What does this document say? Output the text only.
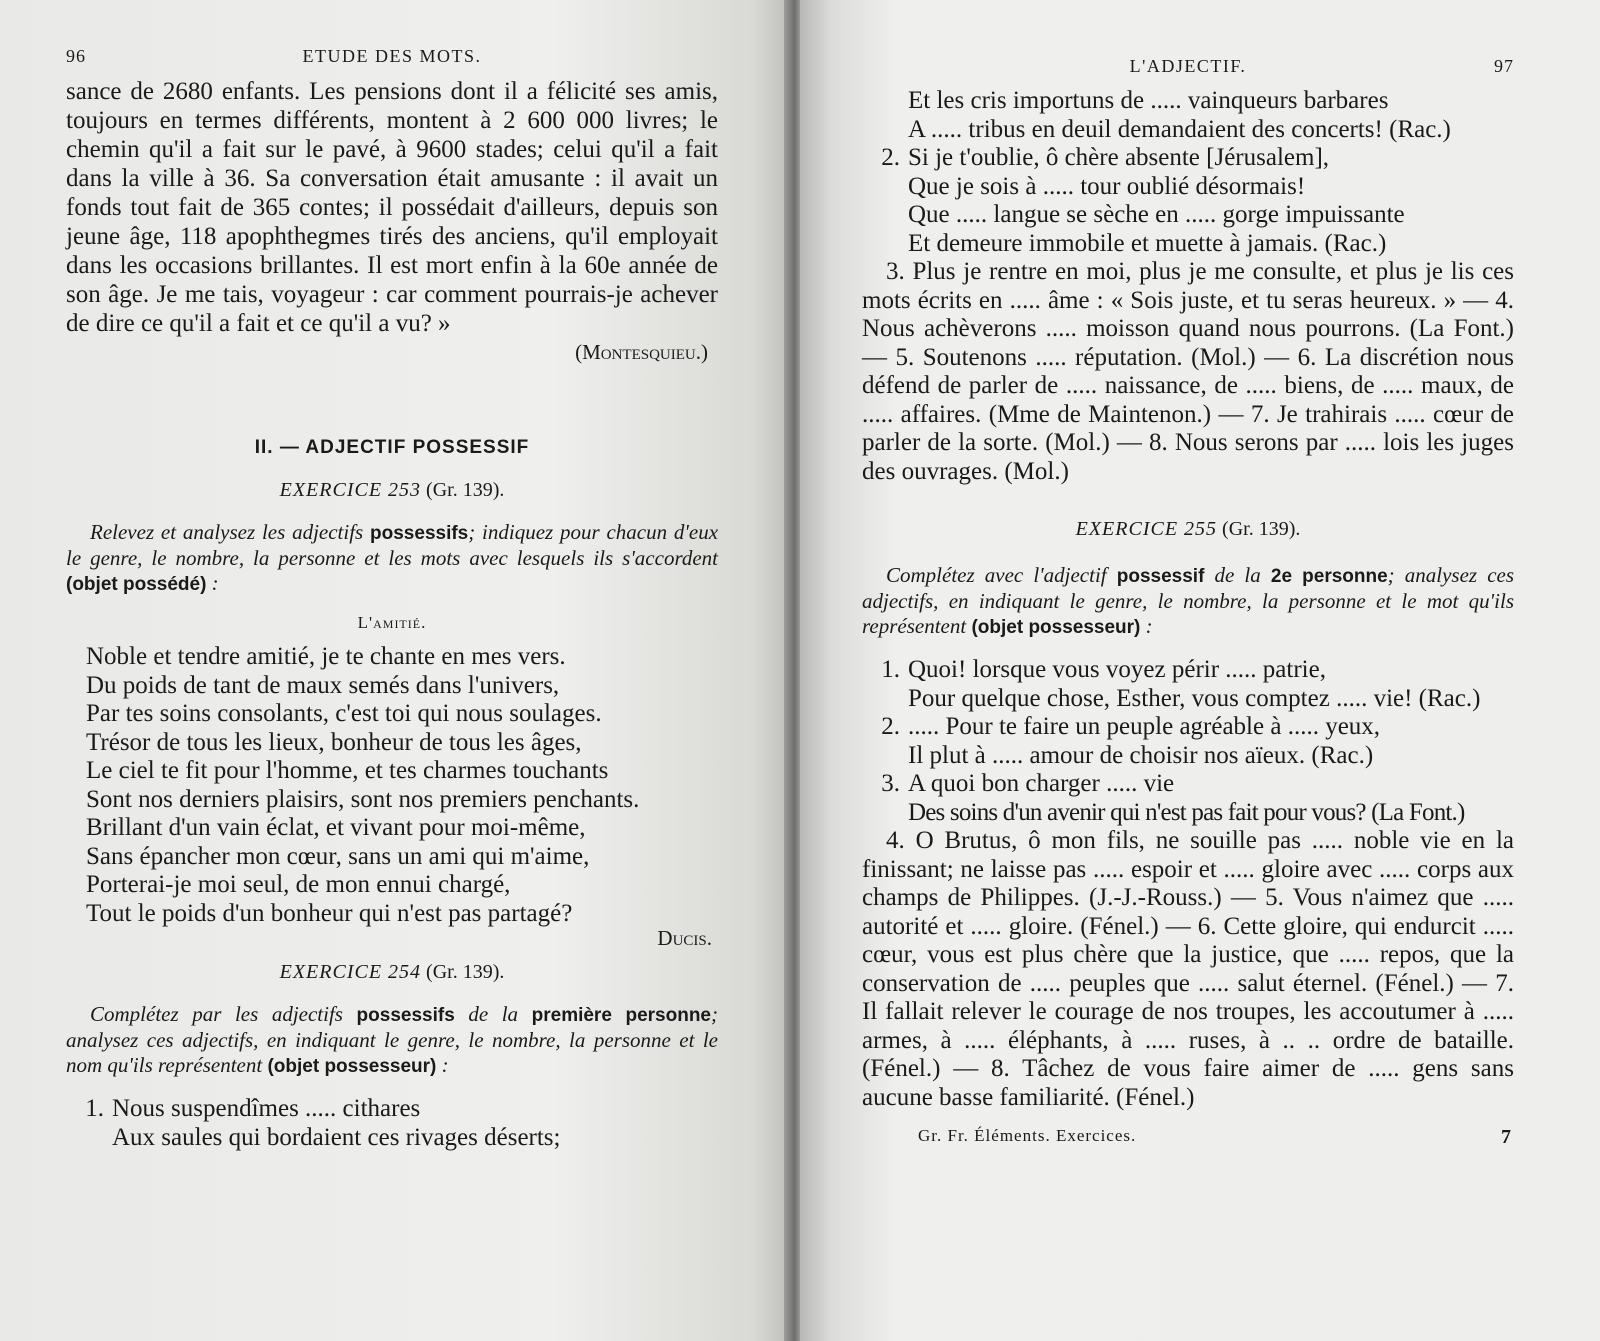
96	ETUDE DES MOTS.
sance de 2680 enfants. Les pensions dont il a félicité ses amis, toujours en termes différents, montent à 2 600 000 livres; le chemin qu'il a fait sur le pavé, à 9600 stades; celui qu'il a fait dans la ville à 36. Sa conversation était amusante : il avait un fonds tout fait de 365 contes; il possédait d'ailleurs, depuis son jeune âge, 118 apophthegmes tirés des anciens, qu'il employait dans les occasions brillantes. Il est mort enfin à la 60e année de son âge. Je me tais, voyageur : car comment pourrais-je achever de dire ce qu'il a fait et ce qu'il a vu? »
(Montesquieu.)
II. — ADJECTIF POSSESSIF
EXERCICE 253 (Gr. 139).

Relevez et analysez les adjectifs possessifs; indiquez pour chacun d'eux le genre, le nombre, la personne et les mots avec lesquels ils s'accordent (objet possédé) :

L'amitié.
Noble et tendre amitié, je te chante en mes vers.
Du poids de tant de maux semés dans l'univers,
Par tes soins consolants, c'est toi qui nous soulages.
Trésor de tous les lieux, bonheur de tous les âges,
Le ciel te fit pour l'homme, et tes charmes touchants
Sont nos derniers plaisirs, sont nos premiers penchants.
Brillant d'un vain éclat, et vivant pour moi-même,
Sans épancher mon cœur, sans un ami qui m'aime,
Porterai-je moi seul, de mon ennui chargé,
Tout le poids d'un bonheur qui n'est pas partagé?
Ducis.
EXERCICE 254 (Gr. 139).

Complétez par les adjectifs possessifs de la première personne; analysez ces adjectifs, en indiquant le genre, le nombre, la personne et le nom qu'ils représentent (objet possesseur) :

1. Nous suspendîmes ..... cithares
Aux saules qui bordaient ces rivages déserts;
L'ADJECTIF.	97
Et les cris importuns de ..... vainqueurs barbares
A ..... tribus en deuil demandaient des concerts! (Rac.)
2. Si je t'oublie, ô chère absente [Jérusalem],
Que je sois à ..... tour oublié désormais!
Que ..... langue se sèche en ..... gorge impuissante
Et demeure immobile et muette à jamais. (Rac.)

3. Plus je rentre en moi, plus je me consulte, et plus je lis ces mots écrits en ..... âme : « Sois juste, et tu seras heureux. » — 4. Nous achèverons ..... moisson quand nous pourrons. (La Font.) — 5. Soutenons ..... réputation. (Mol.) — 6. La discrétion nous défend de parler de ..... naissance, de ..... biens, de ..... maux, de ..... affaires. (Mme de Maintenon.) — 7. Je trahirais ..... cœur de parler de la sorte. (Mol.) — 8. Nous serons par ..... lois les juges des ouvrages. (Mol.)

EXERCICE 255 (Gr. 139).

Complétez avec l'adjectif possessif de la 2e personne; analysez ces adjectifs, en indiquant le genre, le nombre, la personne et le mot qu'ils représentent (objet possesseur) :

1. Quoi! lorsque vous voyez périr ..... patrie,
Pour quelque chose, Esther, vous comptez ..... vie! (Rac.)
2. ..... Pour te faire un peuple agréable à ..... yeux,
Il plut à ..... amour de choisir nos aïeux. (Rac.)
3. A quoi bon charger ..... vie
Des soins d'un avenir qui n'est pas fait pour vous? (La Font.)

4. O Brutus, ô mon fils, ne souille pas ..... noble vie en la finissant; ne laisse pas ..... espoir et ..... gloire avec ..... corps aux champs de Philippes. (J.-J.-Rouss.) — 5. Vous n'aimez que ..... autorité et ..... gloire. (Fénel.) — 6. Cette gloire, qui endurcit ..... cœur, vous est plus chère que la justice, que ..... repos, que la conservation de ..... peuples que ..... salut éternel. (Fénel.) — 7. Il fallait relever le courage de nos troupes, les accoutumer à ..... armes, à ..... éléphants, à ..... ruses, à .. .. ordre de bataille. (Fénel.) — 8. Tâchez de vous faire aimer de ..... gens sans aucune basse familiarité. (Fénel.)

Gr. Fr. Éléments. Exercices.	7
